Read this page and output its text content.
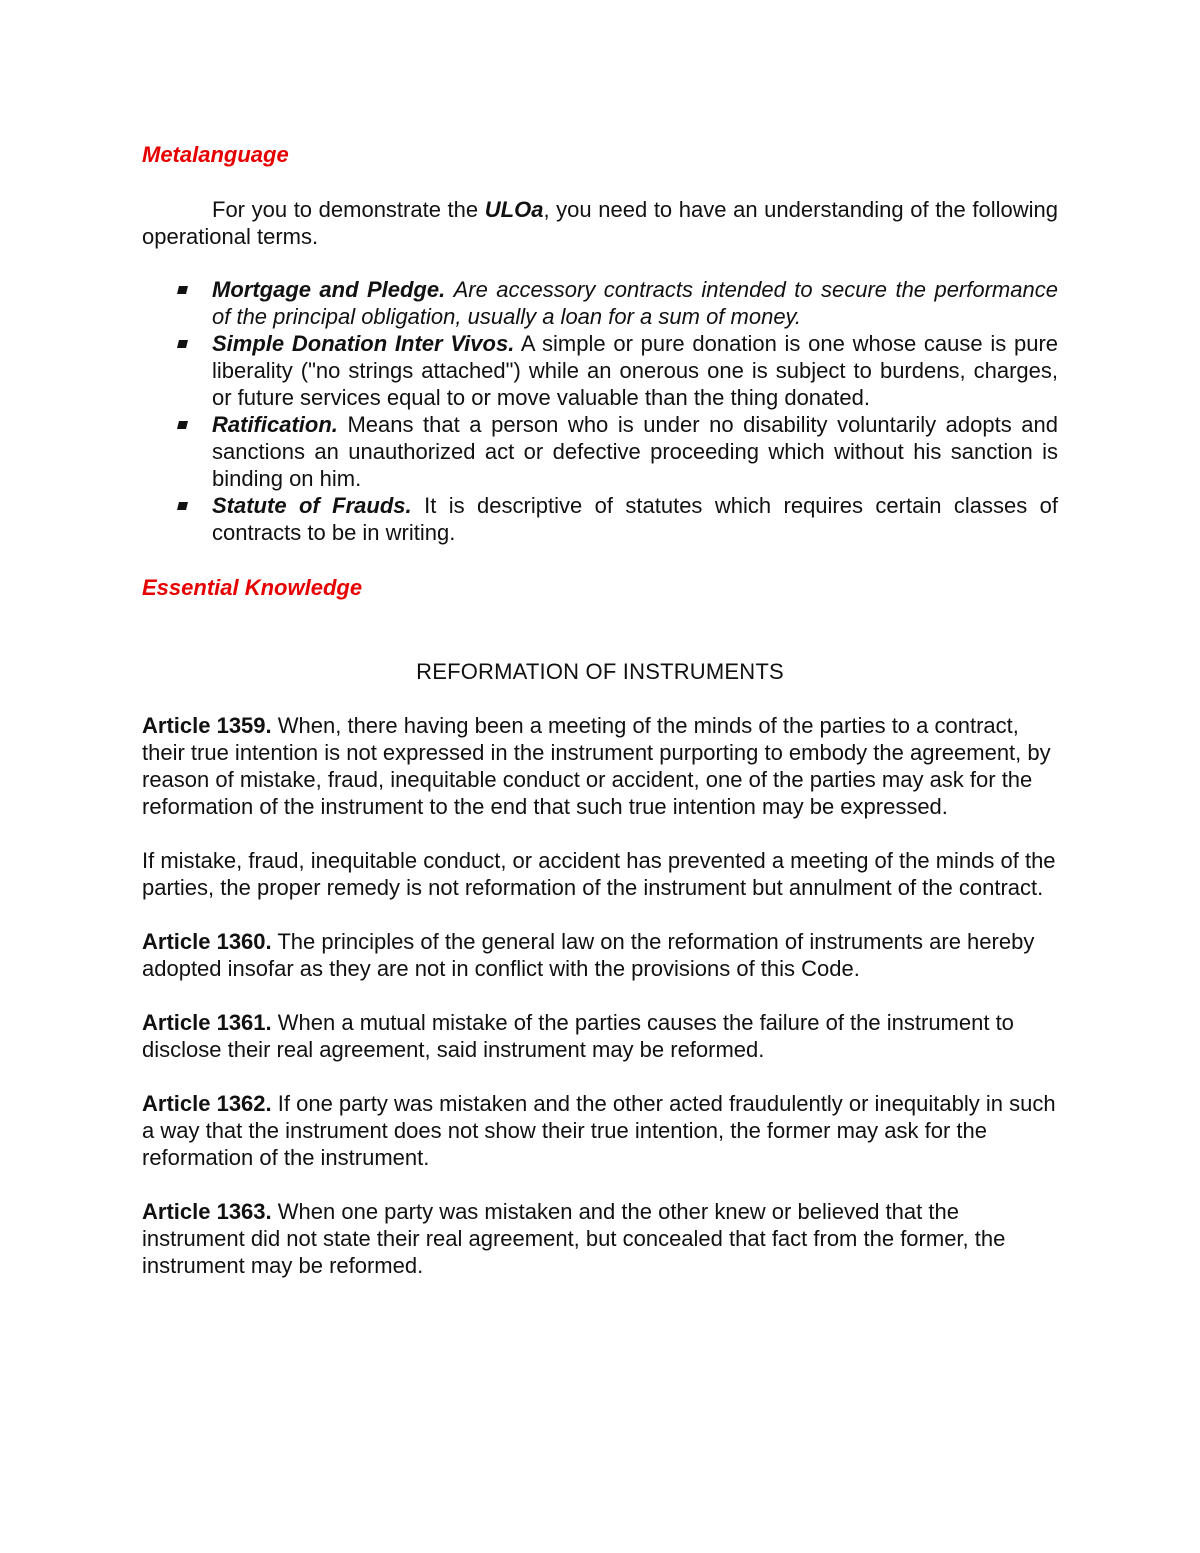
Metalanguage

For you to demonstrate the ULOa, you need to have an understanding of the following operational terms.

Mortgage and Pledge. Are accessory contracts intended to secure the performance of the principal obligation, usually a loan for a sum of money.
Simple Donation Inter Vivos. A simple or pure donation is one whose cause is pure liberality ("no strings attached") while an onerous one is subject to burdens, charges, or future services equal to or move valuable than the thing donated.
Ratification. Means that a person who is under no disability voluntarily adopts and sanctions an unauthorized act or defective proceeding which without his sanction is binding on him.
Statute of Frauds. It is descriptive of statutes which requires certain classes of contracts to be in writing.
Essential Knowledge
REFORMATION OF INSTRUMENTS

Article 1359. When, there having been a meeting of the minds of the parties to a contract, their true intention is not expressed in the instrument purporting to embody the agreement, by reason of mistake, fraud, inequitable conduct or accident, one of the parties may ask for the reformation of the instrument to the end that such true intention may be expressed.

If mistake, fraud, inequitable conduct, or accident has prevented a meeting of the minds of the parties, the proper remedy is not reformation of the instrument but annulment of the contract.

Article 1360. The principles of the general law on the reformation of instruments are hereby adopted insofar as they are not in conflict with the provisions of this Code.

Article 1361. When a mutual mistake of the parties causes the failure of the instrument to disclose their real agreement, said instrument may be reformed.

Article 1362. If one party was mistaken and the other acted fraudulently or inequitably in such a way that the instrument does not show their true intention, the former may ask for the reformation of the instrument.

Article 1363. When one party was mistaken and the other knew or believed that the instrument did not state their real agreement, but concealed that fact from the former, the instrument may be reformed.
